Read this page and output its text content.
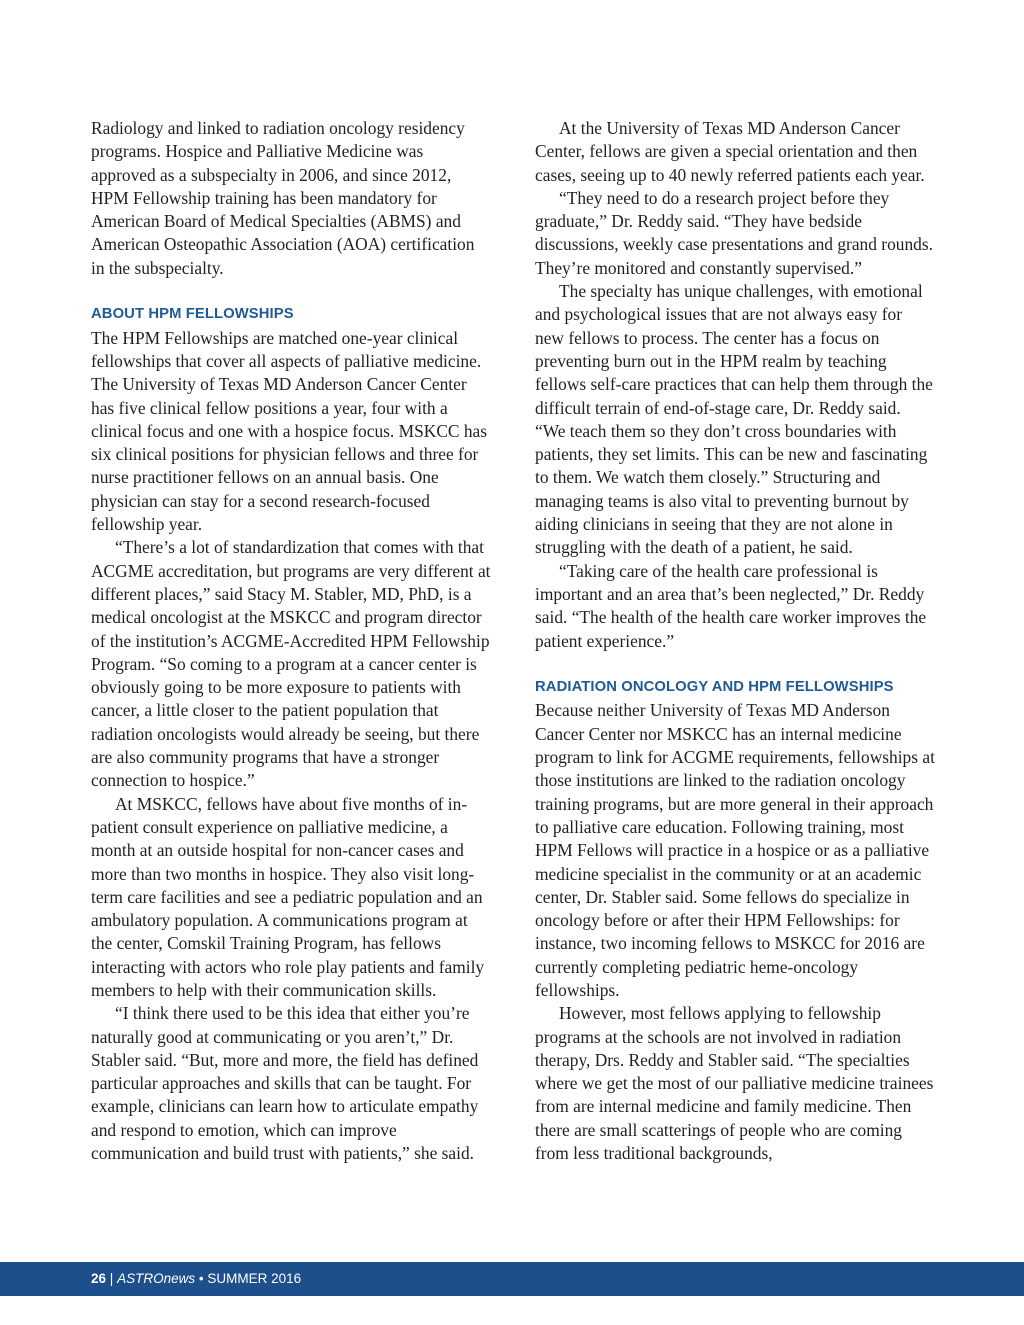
Radiology and linked to radiation oncology residency programs. Hospice and Palliative Medicine was approved as a subspecialty in 2006, and since 2012, HPM Fellowship training has been mandatory for American Board of Medical Specialties (ABMS) and American Osteopathic Association (AOA) certification in the subspecialty.

ABOUT HPM FELLOWSHIPS

The HPM Fellowships are matched one-year clinical fellowships that cover all aspects of palliative medicine. The University of Texas MD Anderson Cancer Center has five clinical fellow positions a year, four with a clinical focus and one with a hospice focus. MSKCC has six clinical positions for physician fellows and three for nurse practitioner fellows on an annual basis. One physician can stay for a second research-focused fellowship year.

“There’s a lot of standardization that comes with that ACGME accreditation, but programs are very different at different places,” said Stacy M. Stabler, MD, PhD, is a medical oncologist at the MSKCC and program director of the institution’s ACGME-Accredited HPM Fellowship Program. “So coming to a program at a cancer center is obviously going to be more exposure to patients with cancer, a little closer to the patient population that radiation oncologists would already be seeing, but there are also community programs that have a stronger connection to hospice.”

At MSKCC, fellows have about five months of in-patient consult experience on palliative medicine, a month at an outside hospital for non-cancer cases and more than two months in hospice. They also visit long-term care facilities and see a pediatric population and an ambulatory population. A communications program at the center, Comskil Training Program, has fellows interacting with actors who role play patients and family members to help with their communication skills.

“I think there used to be this idea that either you’re naturally good at communicating or you aren’t,” Dr. Stabler said. “But, more and more, the field has defined particular approaches and skills that can be taught. For example, clinicians can learn how to articulate empathy and respond to emotion, which can improve communication and build trust with patients,” she said.

At the University of Texas MD Anderson Cancer Center, fellows are given a special orientation and then cases, seeing up to 40 newly referred patients each year.

“They need to do a research project before they graduate,” Dr. Reddy said. “They have bedside discussions, weekly case presentations and grand rounds. They’re monitored and constantly supervised.”

The specialty has unique challenges, with emotional and psychological issues that are not always easy for new fellows to process. The center has a focus on preventing burn out in the HPM realm by teaching fellows self-care practices that can help them through the difficult terrain of end-of-stage care, Dr. Reddy said. “We teach them so they don’t cross boundaries with patients, they set limits. This can be new and fascinating to them. We watch them closely.” Structuring and managing teams is also vital to preventing burnout by aiding clinicians in seeing that they are not alone in struggling with the death of a patient, he said.

“Taking care of the health care professional is important and an area that’s been neglected,” Dr. Reddy said. “The health of the health care worker improves the patient experience.”

RADIATION ONCOLOGY AND HPM FELLOWSHIPS

Because neither University of Texas MD Anderson Cancer Center nor MSKCC has an internal medicine program to link for ACGME requirements, fellowships at those institutions are linked to the radiation oncology training programs, but are more general in their approach to palliative care education. Following training, most HPM Fellows will practice in a hospice or as a palliative medicine specialist in the community or at an academic center, Dr. Stabler said. Some fellows do specialize in oncology before or after their HPM Fellowships: for instance, two incoming fellows to MSKCC for 2016 are currently completing pediatric heme-oncology fellowships.

However, most fellows applying to fellowship programs at the schools are not involved in radiation therapy, Drs. Reddy and Stabler said. “The specialties where we get the most of our palliative medicine trainees from are internal medicine and family medicine. Then there are small scatterings of people who are coming from less traditional backgrounds,

26 | ASTROnews • SUMMER 2016
